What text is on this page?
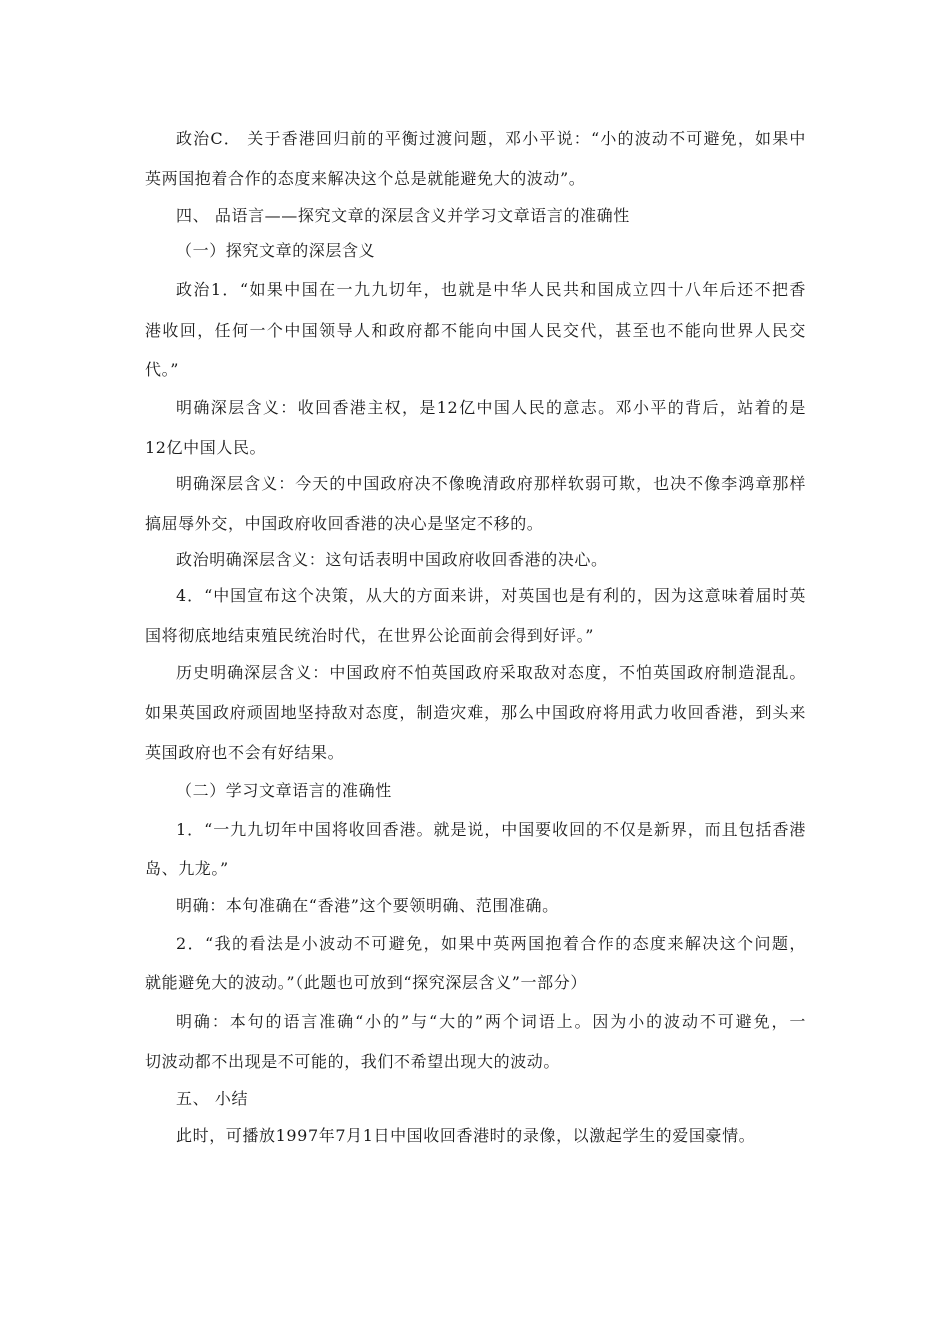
政治C． 关于香港回归前的平衡过渡问题，邓小平说：“小的波动不可避免，如果中
英两国抱着合作的态度来解决这个总是就能避免大的波动”。
四、 品语言——探究文章的深层含义并学习文章语言的准确性
（一）探究文章的深层含义
政治1．“如果中国在一九九切年，也就是中华人民共和国成立四十八年后还不把香
港收回，任何一个中国领导人和政府都不能向中国人民交代，甚至也不能向世界人民交
代。”
明确深层含义：收回香港主权，是12亿中国人民的意志。邓小平的背后，站着的是
12亿中国人民。
明确深层含义：今天的中国政府决不像晚清政府那样软弱可欺，也决不像李鸿章那样
搞屈辱外交，中国政府收回香港的决心是坚定不移的。
政治明确深层含义：这句话表明中国政府收回香港的决心。
4．“中国宣布这个决策，从大的方面来讲，对英国也是有利的，因为这意味着届时英
国将彻底地结束殖民统治时代，在世界公论面前会得到好评。”
历史明确深层含义：中国政府不怕英国政府采取敌对态度，不怕英国政府制造混乱。
如果英国政府顽固地坚持敌对态度，制造灾难，那么中国政府将用武力收回香港，到头来
英国政府也不会有好结果。
（二）学习文章语言的准确性
1．“一九九切年中国将收回香港。就是说，中国要收回的不仅是新界，而且包括香港
岛、九龙。”
明确：本句准确在“香港”这个要领明确、范围准确。
2．“我的看法是小波动不可避免，如果中英两国抱着合作的态度来解决这个问题，
就能避免大的波动。”（此题也可放到“探究深层含义”一部分）
明确：本句的语言准确“小的”与“大的”两个词语上。因为小的波动不可避免，一
切波动都不出现是不可能的，我们不希望出现大的波动。
五、 小结
此时，可播放1997年7月1日中国收回香港时的录像，以激起学生的爱国豪情。
